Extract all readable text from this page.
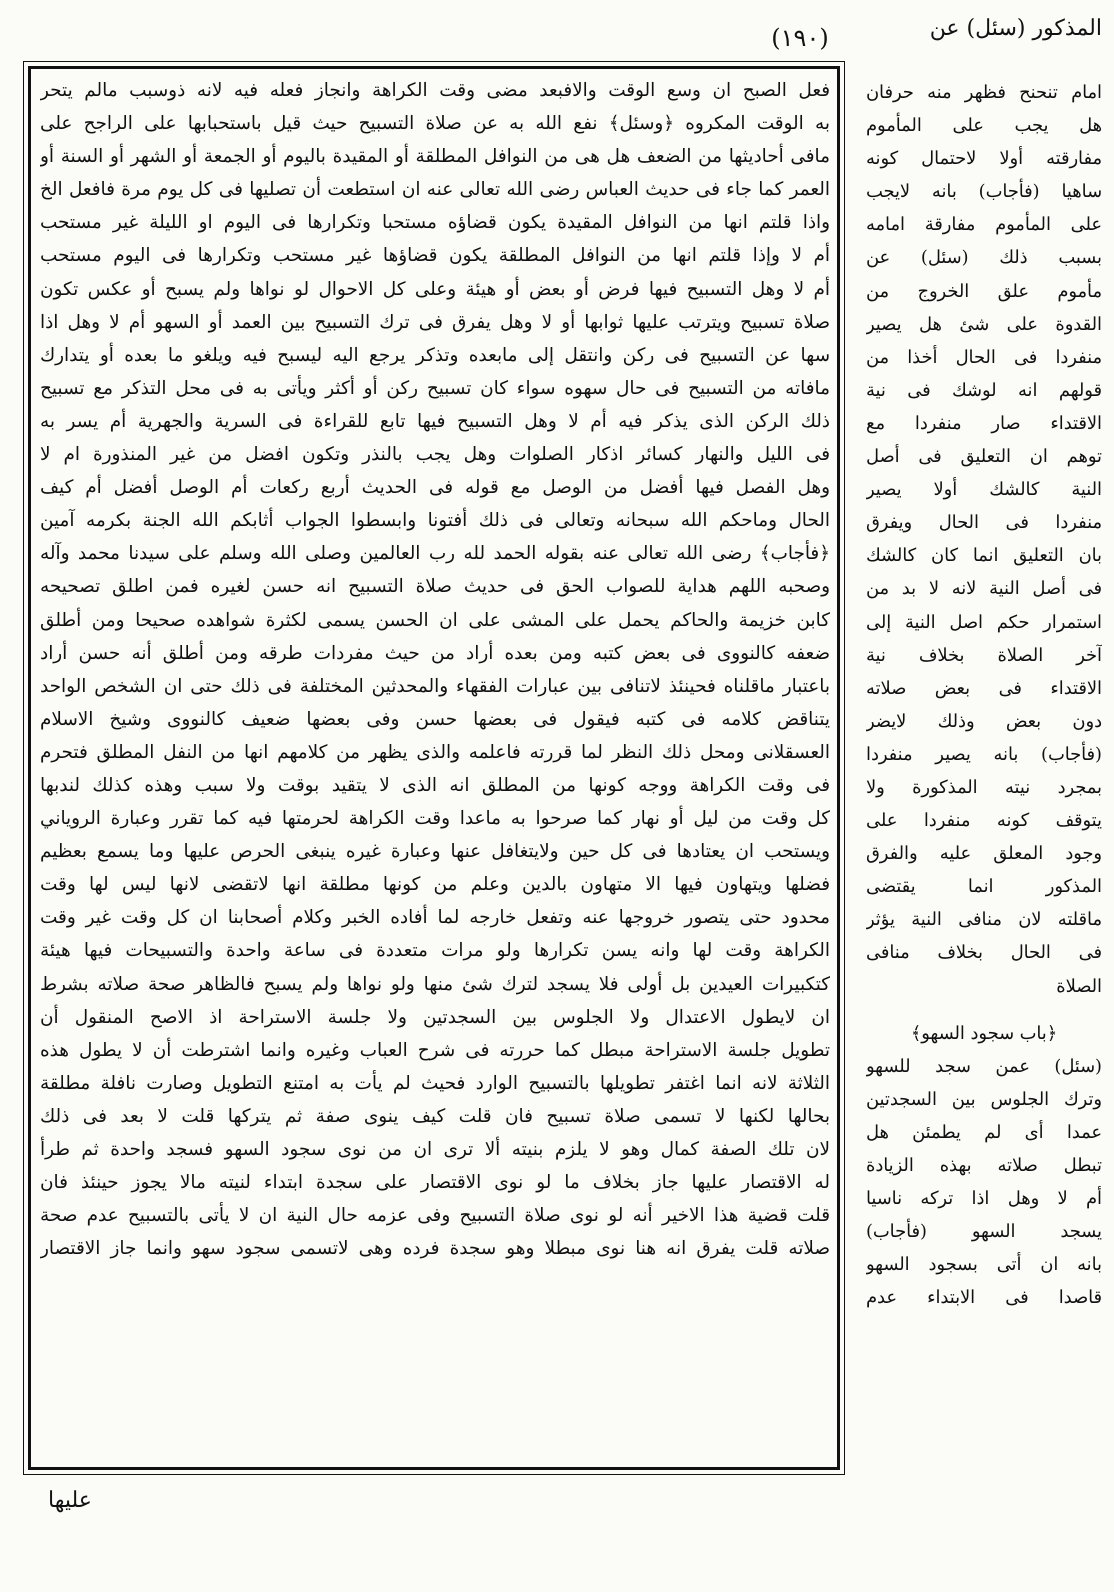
المذكور (سئل) عن
(١٩٠)
فعل الصبح ان وسع الوقت والافبعد مضى وقت الكراهة وانجاز فعله فيه لانه ذوسبب مالم يتحر
به الوقت المكروه ﴿وسئل﴾ نفع الله به عن صلاة التسبيح حيث قيل باستحبابها على الراجح على
مافى أحاديثها من الضعف هل هى من النوافل المطلقة أو المقيدة باليوم أو الجمعة أو الشهر أو السنة أو
العمر كما جاء فى حديث العباس رضى الله تعالى عنه ان استطعت أن تصليها فى كل يوم مرة فافعل الخ
واذا قلتم انها من النوافل المقيدة يكون قضاؤه مستحبا وتكرارها فى اليوم او الليلة غير مستحب
أم لا وإذا قلتم انها من النوافل المطلقة يكون قضاؤها غير مستحب وتكرارها فى اليوم مستحب
أم لا وهل التسبيح فيها فرض أو بعض أو هيئة وعلى كل الاحوال لو نواها ولم يسبح أو عكس تكون
صلاة تسبيح ويترتب عليها ثوابها أو لا وهل يفرق فى ترك التسبيح بين العمد أو السهو أم لا وهل اذا
سها عن التسبيح فى ركن وانتقل إلى مابعده وتذكر يرجع اليه ليسبح فيه ويلغو ما بعده أو يتدارك
مافاته من التسبيح فى حال سهوه سواء كان تسبيح ركن أو أكثر ويأتى به فى محل التذكر مع تسبيح
ذلك الركن الذى يذكر فيه أم لا وهل التسبيح فيها تابع للقراءة فى السرية والجهرية أم يسر به
فى الليل والنهار كسائر اذكار الصلوات وهل يجب بالنذر وتكون افضل من غير المنذورة ام لا
وهل الفصل فيها أفضل من الوصل مع قوله فى الحديث أربع ركعات أم الوصل أفضل أم كيف
الحال وماحكم الله سبحانه وتعالى فى ذلك أفتونا وابسطوا الجواب أثابكم الله الجنة بكرمه آمين
﴿فأجاب﴾ رضى الله تعالى عنه بقوله الحمد لله رب العالمين وصلى الله وسلم على سيدنا محمد وآله
وصحبه اللهم هداية للصواب الحق فى حديث صلاة التسبيح انه حسن لغيره فمن اطلق تصحيحه
كابن خزيمة والحاكم يحمل على المشى على ان الحسن يسمى لكثرة شواهده صحيحا ومن أطلق
ضعفه كالنووى فى بعض كتبه ومن بعده أراد من حيث مفردات طرقه ومن أطلق أنه حسن أراد
باعتبار ماقلناه فحينئذ لاتنافى بين عبارات الفقهاء والمحدثين المختلفة فى ذلك حتى ان الشخص الواحد
يتناقض كلامه فى كتبه فيقول فى بعضها حسن وفى بعضها ضعيف كالنووى وشيخ الاسلام
العسقلانى ومحل ذلك النظر لما قررته فاعلمه والذى يظهر من كلامهم انها من النفل المطلق فتحرم
فى وقت الكراهة ووجه كونها من المطلق انه الذى لا يتقيد بوقت ولا سبب وهذه كذلك لندبها
كل وقت من ليل أو نهار كما صرحوا به ماعدا وقت الكراهة لحرمتها فيه كما تقرر وعبارة الروياني
ويستحب ان يعتادها فى كل حين ولايتغافل عنها وعبارة غيره ينبغى الحرص عليها وما يسمع بعظيم
فضلها ويتهاون فيها الا متهاون بالدين وعلم من كونها مطلقة انها لاتقضى لانها ليس لها وقت
محدود حتى يتصور خروجها عنه وتفعل خارجه لما أفاده الخبر وكلام أصحابنا ان كل وقت غير وقت
الكراهة وقت لها وانه يسن تكرارها ولو مرات متعددة فى ساعة واحدة والتسبيحات فيها هيئة
كتكبيرات العيدين بل أولى فلا يسجد لترك شئ منها ولو نواها ولم يسبح فالظاهر صحة صلاته بشرط
ان لايطول الاعتدال ولا الجلوس بين السجدتين ولا جلسة الاستراحة اذ الاصح المنقول أن
تطويل جلسة الاستراحة مبطل كما حررته فى شرح العباب وغيره وانما اشترطت أن لا يطول هذه
الثلاثة لانه انما اغتفر تطويلها بالتسبيح الوارد فحيث لم يأت به امتنع التطويل وصارت نافلة مطلقة
بحالها لكنها لا تسمى صلاة تسبيح فان قلت كيف ينوى صفة ثم يتركها قلت لا بعد فى ذلك
لان تلك الصفة كمال وهو لا يلزم بنيته ألا ترى ان من نوى سجود السهو فسجد واحدة ثم طرأ
له الاقتصار عليها جاز بخلاف ما لو نوى الاقتصار على سجدة ابتداء لنيته مالا يجوز حينئذ فان
قلت قضية هذا الاخير أنه لو نوى صلاة التسبيح وفى عزمه حال النية ان لا يأتى بالتسبيح عدم صحة
صلاته قلت يفرق انه هنا نوى مبطلا وهو سجدة فرده وهى لاتسمى سجود سهو وانما جاز الاقتصار
امام تنحنح فظهر منه حرفان
هل يجب على المأموم
مفارقته أولا لاحتمال كونه
ساهيا (فأجاب) بانه لايجب
على المأموم مفارقة امامه
بسبب ذلك (سئل) عن
مأموم علق الخروج من
القدوة على شئ هل يصير
منفردا فى الحال أخذا من
قولهم انه لوشك فى نية
الاقتداء صار منفردا مع
توهم ان التعليق فى أصل
النية كالشك أولا يصير
منفردا فى الحال ويفرق
بان التعليق انما كان كالشك
فى أصل النية لانه لا بد من
استمرار حكم اصل النية إلى
آخر الصلاة بخلاف نية
الاقتداء فى بعض صلاته
دون بعض وذلك لايضر
(فأجاب) بانه يصير منفردا
بمجرد نيته المذكورة ولا
يتوقف كونه منفردا على
وجود المعلق عليه والفرق
المذكور انما يقتضى
ماقلته لان منافى النية يؤثر
فى الحال بخلاف منافى
الصلاة
﴿باب سجود السهو﴾
(سئل) عمن سجد للسهو
وترك الجلوس بين السجدتين
عمدا أى لم يطمئن هل
تبطل صلاته بهذه الزيادة
أم لا وهل اذا تركه ناسيا
يسجد السهو (فأجاب)
بانه ان أتى بسجود السهو
قاصدا فى الابتداء عدم
عليها
